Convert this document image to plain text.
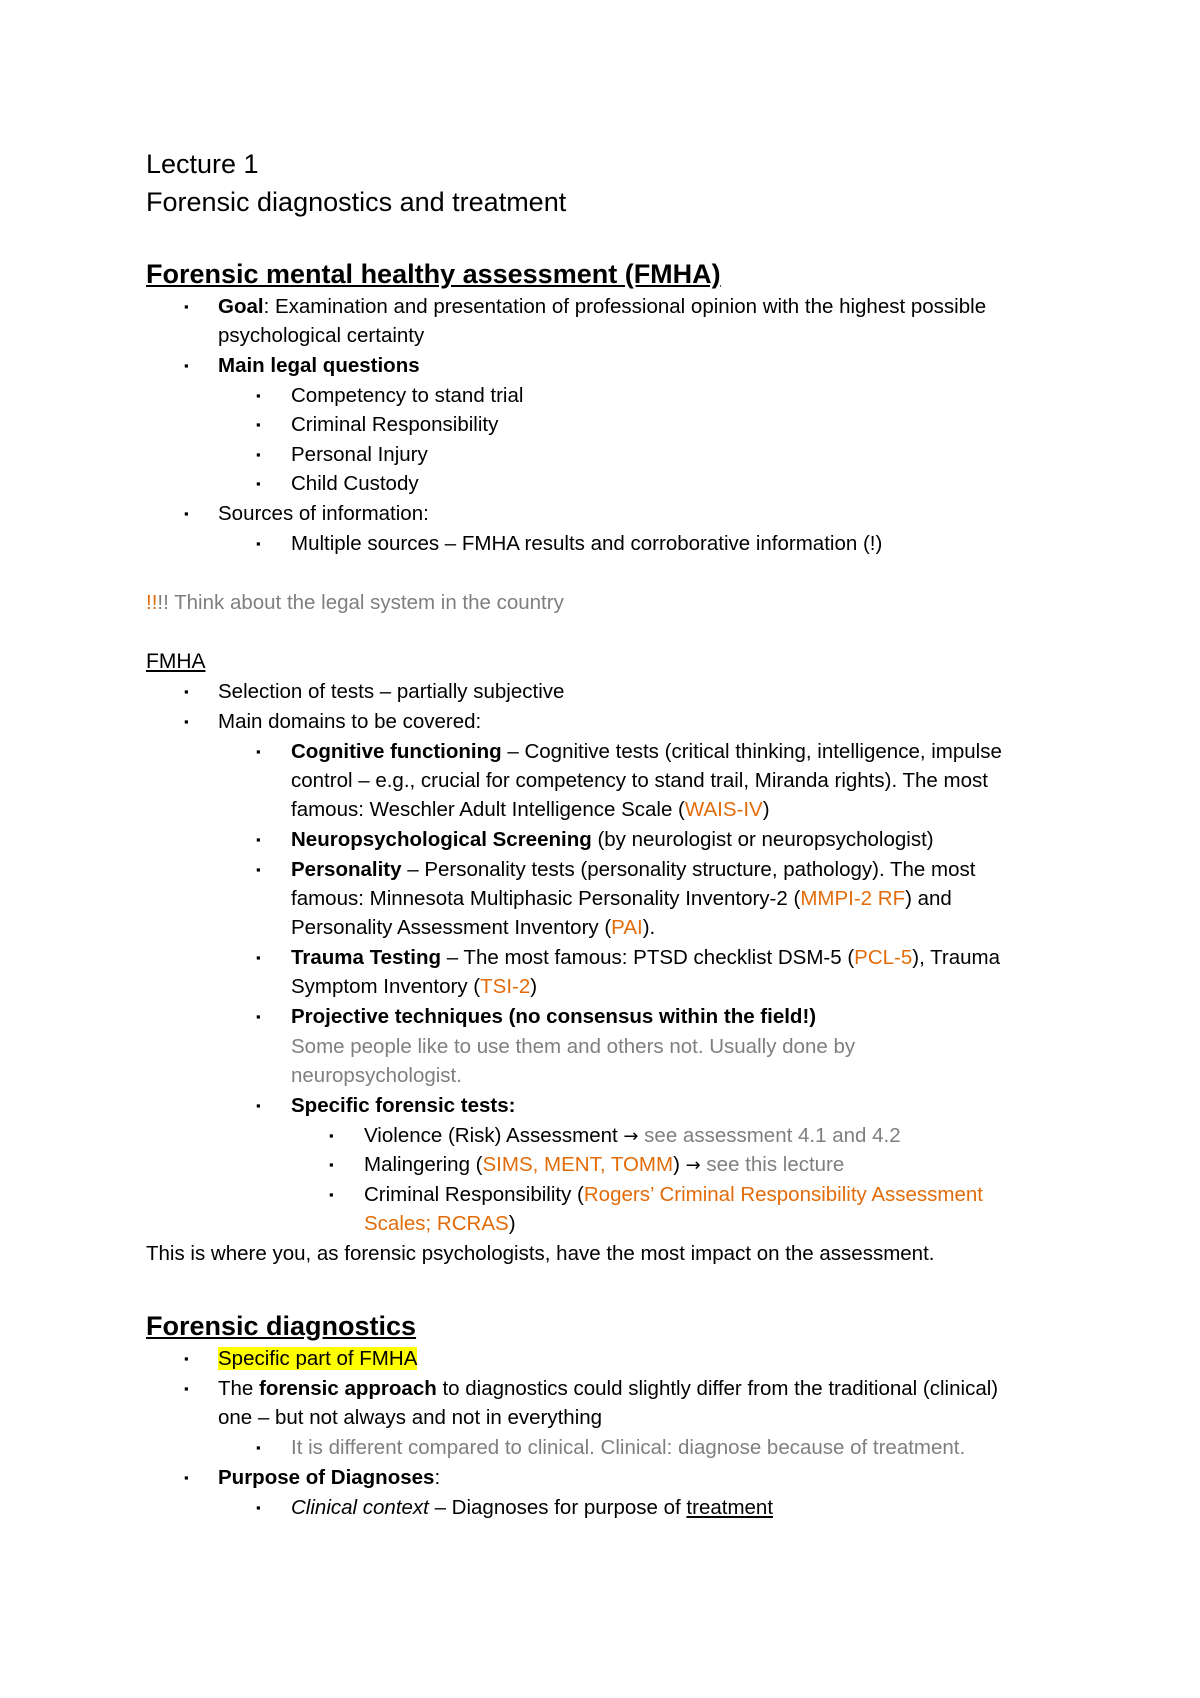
Lecture 1
Forensic diagnostics and treatment
Forensic mental healthy assessment (FMHA)
▪
Goal: Examination and presentation of professional opinion with the highest possible
psychological certainty
▪
Main legal questions
▪
Competency to stand trial
▪
Criminal Responsibility
▪
Personal Injury
▪
Child Custody
▪
Sources of information:
▪
Multiple sources – FMHA results and corroborative information (!)
!!!! Think about the legal system in the country
FMHA
▪
Selection of tests – partially subjective
▪
Main domains to be covered:
▪
Cognitive functioning – Cognitive tests (critical thinking, intelligence, impulse
control – e.g., crucial for competency to stand trail, Miranda rights). The most
famous: Weschler Adult Intelligence Scale (WAIS-IV)
▪
Neuropsychological Screening (by neurologist or neuropsychologist)
▪
Personality – Personality tests (personality structure, pathology). The most
famous: Minnesota Multiphasic Personality Inventory-2 (MMPI-2 RF) and
Personality Assessment Inventory (PAI).
▪
Trauma Testing – The most famous: PTSD checklist DSM-5 (PCL-5), Trauma
Symptom Inventory (TSI-2)
▪
Projective techniques (no consensus within the field!)
Some people like to use them and others not. Usually done by
neuropsychologist.
▪
Specific forensic tests:
▪
Violence (Risk) Assessment → see assessment 4.1 and 4.2
▪
Malingering (SIMS, MENT, TOMM) → see this lecture
▪
Criminal Responsibility (Rogers’ Criminal Responsibility Assessment
Scales; RCRAS)
This is where you, as forensic psychologists, have the most impact on the assessment.
Forensic diagnostics
▪
Specific part of FMHA
▪
The forensic approach to diagnostics could slightly differ from the traditional (clinical)
one – but not always and not in everything
▪
It is different compared to clinical. Clinical: diagnose because of treatment.
▪
Purpose of Diagnoses:
▪
Clinical context – Diagnoses for purpose of treatment
